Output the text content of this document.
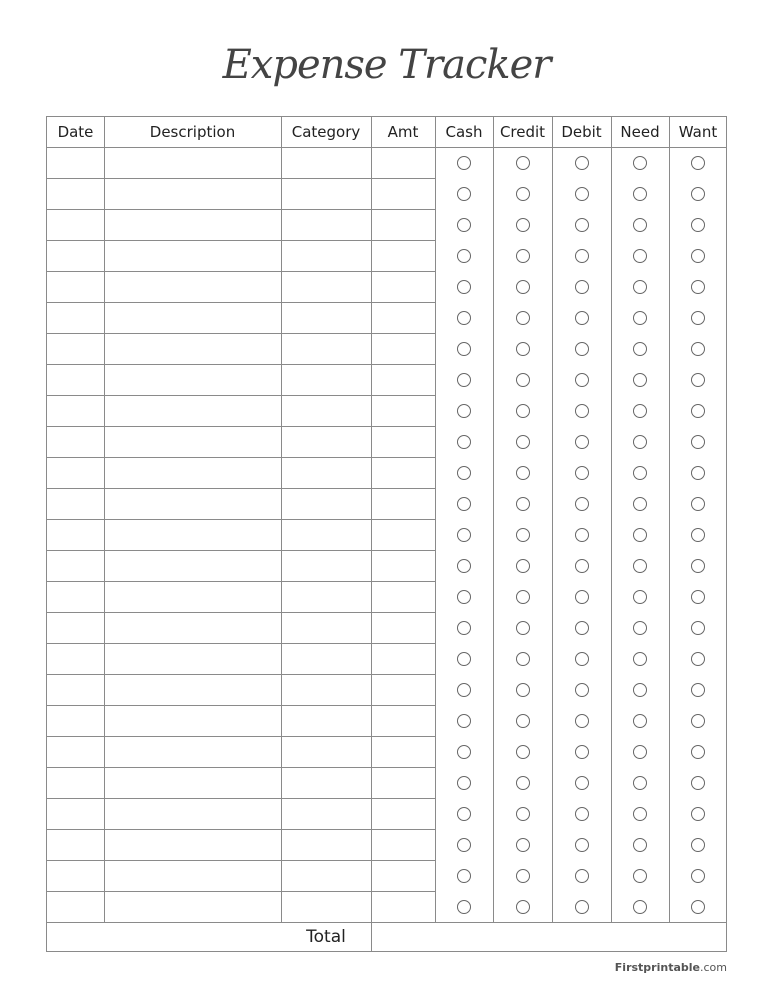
Expense Tracker
Date	Description	Category	Amt	Cash	Credit	Debit	Need	Want
Total
Firstprintable.com
